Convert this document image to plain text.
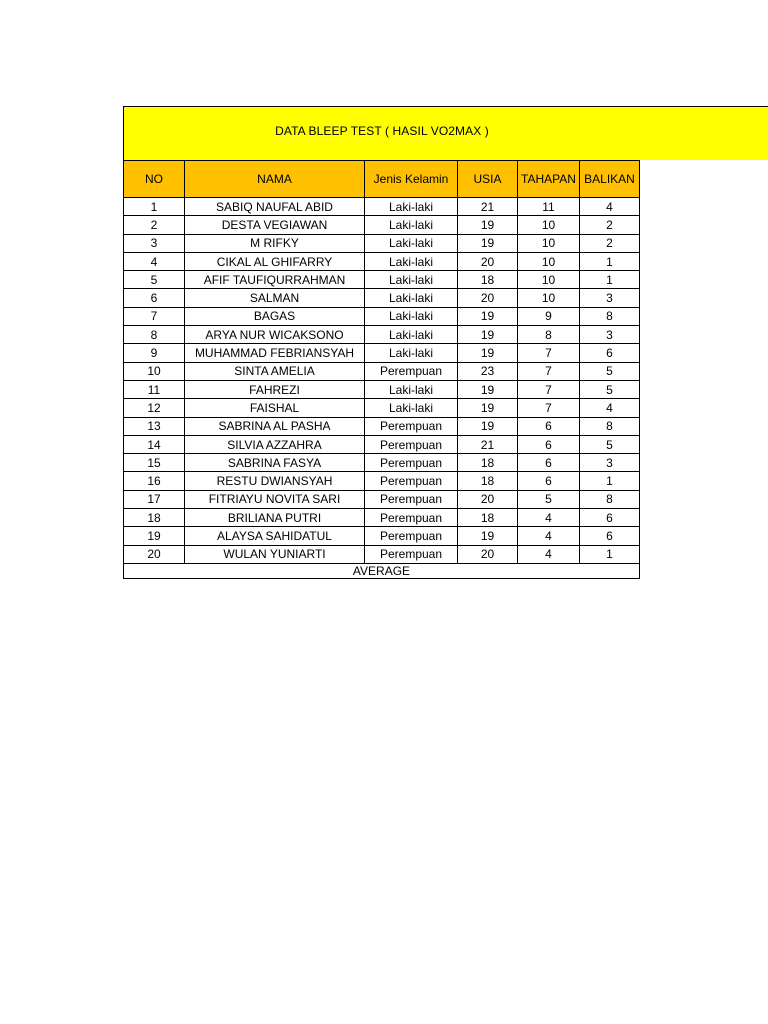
DATA BLEEP TEST ( HASIL VO2MAX )
NO	NAMA	Jenis Kelamin	USIA	TAHAPAN	BALIKAN
1	SABIQ NAUFAL ABID	Laki-laki	21	11	4
2	DESTA VEGIAWAN	Laki-laki	19	10	2
3	M RIFKY	Laki-laki	19	10	2
4	CIKAL AL GHIFARRY	Laki-laki	20	10	1
5	AFIF TAUFIQURRAHMAN	Laki-laki	18	10	1
6	SALMAN	Laki-laki	20	10	3
7	BAGAS	Laki-laki	19	9	8
8	ARYA NUR WICAKSONO	Laki-laki	19	8	3
9	MUHAMMAD FEBRIANSYAH	Laki-laki	19	7	6
10	SINTA AMELIA	Perempuan	23	7	5
11	FAHREZI	Laki-laki	19	7	5
12	FAISHAL	Laki-laki	19	7	4
13	SABRINA AL PASHA	Perempuan	19	6	8
14	SILVIA AZZAHRA	Perempuan	21	6	5
15	SABRINA FASYA	Perempuan	18	6	3
16	RESTU DWIANSYAH	Perempuan	18	6	1
17	FITRIAYU NOVITA SARI	Perempuan	20	5	8
18	BRILIANA PUTRI	Perempuan	18	4	6
19	ALAYSA SAHIDATUL	Perempuan	19	4	6
20	WULAN YUNIARTI	Perempuan	20	4	1
AVERAGE					
